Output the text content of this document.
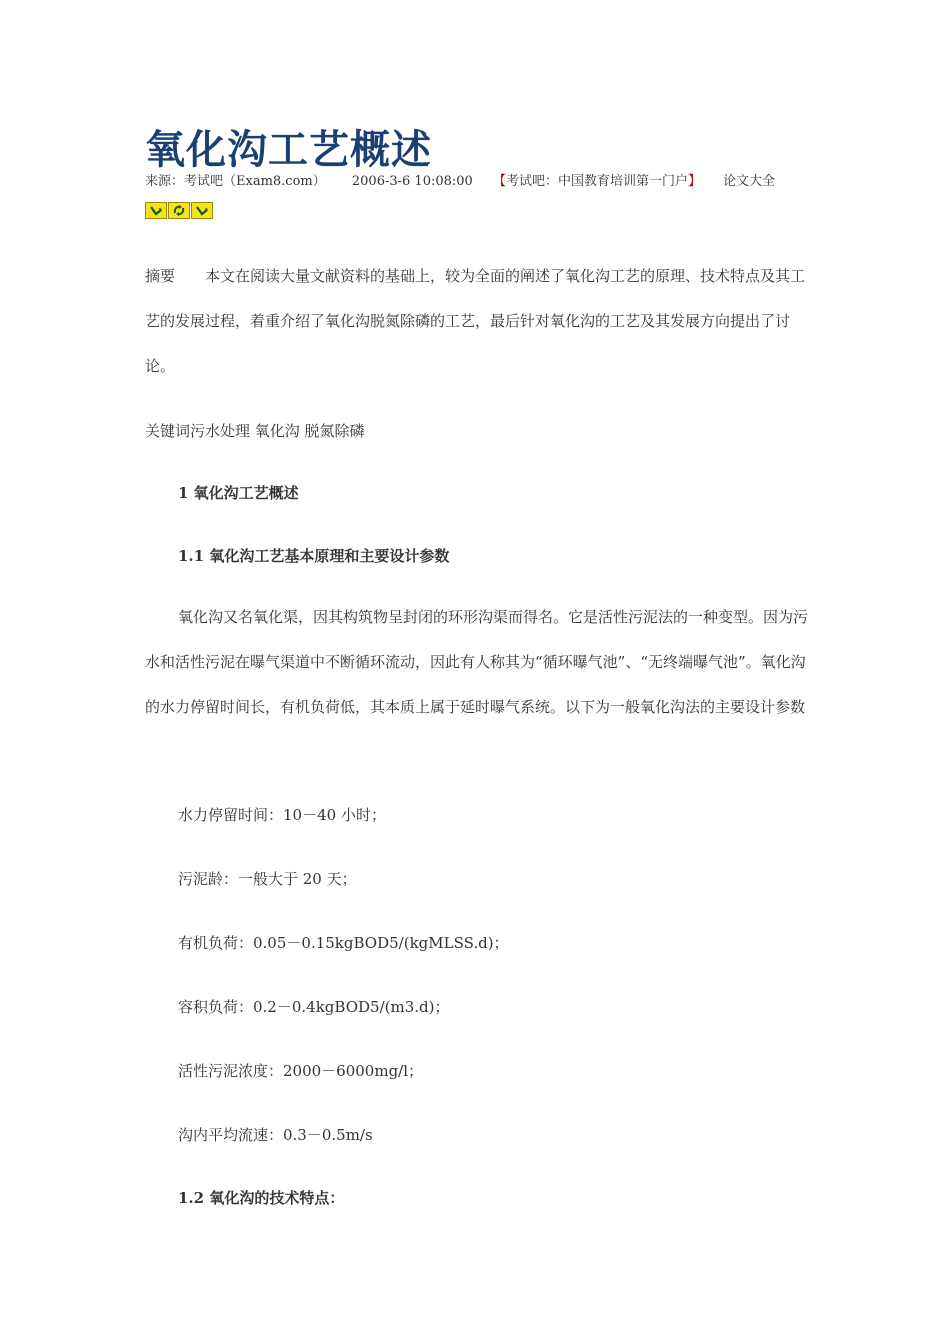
氧化沟工艺概述
来源：考试吧（Exam8.com） 2006-3-6 10:08:00 【考试吧：中国教育培训第一门户】 论文大全

摘要 本文在阅读大量文献资料的基础上，较为全面的阐述了氧化沟工艺的原理、技术特点及其工艺的发展过程，着重介绍了氧化沟脱氮除磷的工艺，最后针对氧化沟的工艺及其发展方向提出了讨论。

关键词污水处理 氧化沟 脱氮除磷

1 氧化沟工艺概述

1.1 氧化沟工艺基本原理和主要设计参数

氧化沟又名氧化渠，因其构筑物呈封闭的环形沟渠而得名。它是活性污泥法的一种变型。因为污水和活性污泥在曝气渠道中不断循环流动，因此有人称其为“循环曝气池”、“无终端曝气池”。氧化沟的水力停留时间长，有机负荷低，其本质上属于延时曝气系统。以下为一般氧化沟法的主要设计参数

水力停留时间：10－40 小时；

污泥龄：一般大于 20 天；

有机负荷：0.05－0.15kgBOD5/(kgMLSS.d)；

容积负荷：0.2－0.4kgBOD5/(m3.d)；

活性污泥浓度：2000－6000mg/l；

沟内平均流速：0.3－0.5m/s

1.2 氧化沟的技术特点：
